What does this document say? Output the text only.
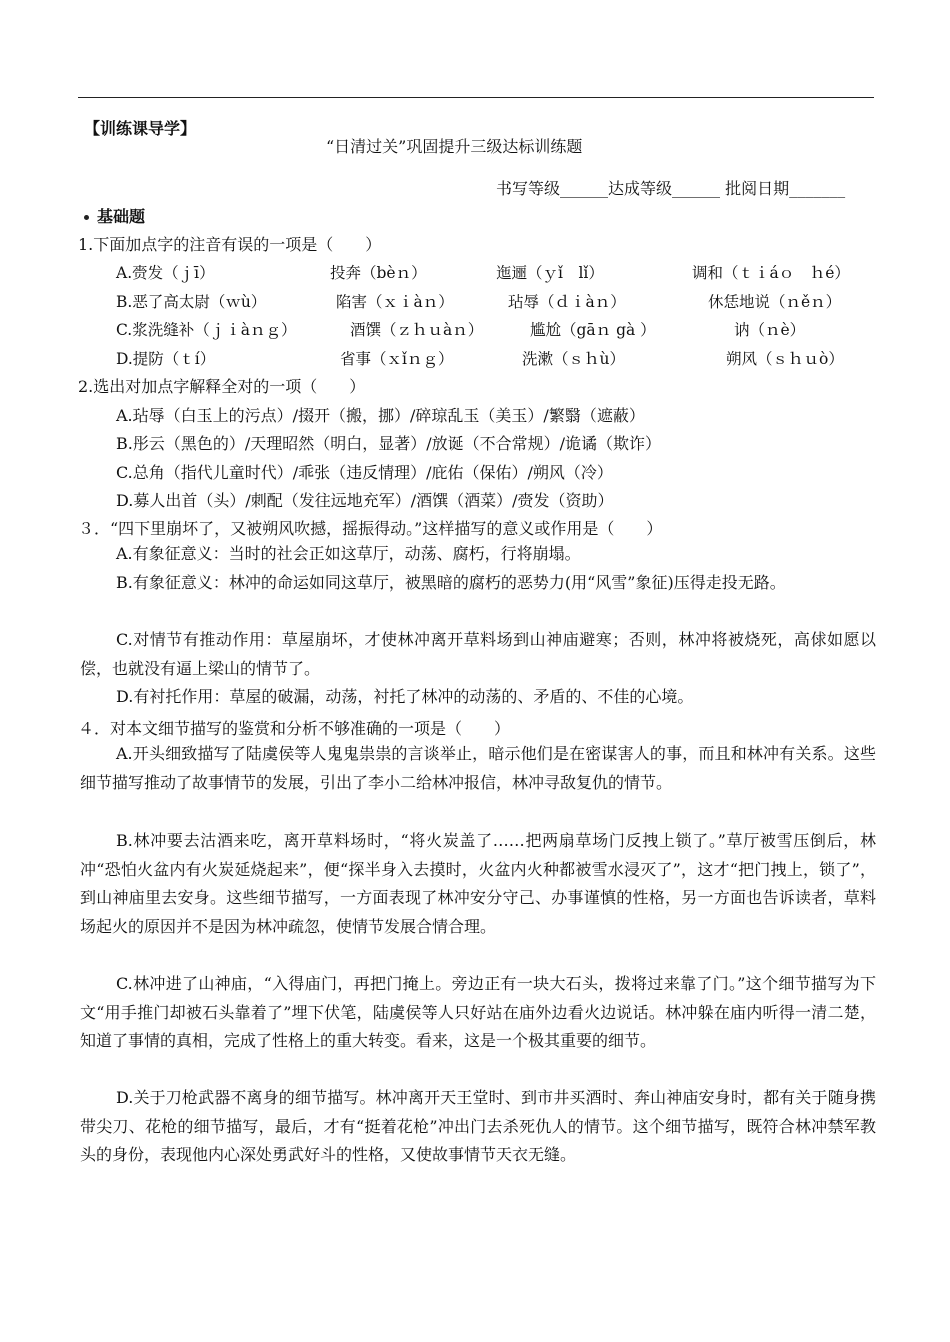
【训练课导学】
“日清过关”巩固提升三级达标训练题
书写等级______达成等级______ 批阅日期_______
基础题
1.下面加点字的注音有误的一项是（　　）
A.赍发（ｊī）	投奔（bèｎ）	迤逦（ｙǐ　lǐ）	调和（ｔｉáｏ　ｈé）
B.恶了高太尉（ｗù）	陷害（ｘｉàｎ）	玷辱（ｄｉàｎ）	休恁地说（ｎěｎ）
C.浆洗缝补（ｊｉàｎｇ）	酒馔（ｚｈｕàｎ）	尴尬（gāｎ gà ）	讷（ｎè）
D.提防（ｔí）	省事（ｘǐｎｇ）	洗漱（ｓｈù）	朔风（ｓｈｕò）
2.选出对加点字解释全对的一项（　　）
A.玷辱（白玉上的污点）/掇开（搬，挪）/碎琼乱玉（美玉）/繁翳（遮蔽）
B.彤云（黑色的）/天理昭然（明白，显著）/放诞（不合常规）/诡谲（欺诈）
C.总角（指代儿童时代）/乖张（违反情理）/庇佑（保佑）/朔风（冷）
D.募人出首（头）/刺配（发往远地充军）/酒馔（酒菜）/赍发（资助）
３．“四下里崩坏了，又被朔风吹撼，摇振得动。”这样描写的意义或作用是（　　）
A.有象征意义：当时的社会正如这草厅，动荡、腐朽，行将崩塌。
B.有象征意义：林冲的命运如同这草厅，被黑暗的腐朽的恶势力(用“风雪”象征)压得走投无路。
C.对情节有推动作用：草屋崩坏，才使林冲离开草料场到山神庙避寒；否则，林冲将被烧死，高俅如愿以偿，也就没有逼上梁山的情节了。
D.有衬托作用：草屋的破漏，动荡，衬托了林冲的动荡的、矛盾的、不佳的心境。
４．对本文细节描写的鉴赏和分析不够准确的一项是（　　）
A.开头细致描写了陆虞侯等人鬼鬼祟祟的言谈举止，暗示他们是在密谋害人的事，而且和林冲有关系。这些细节描写推动了故事情节的发展，引出了李小二给林冲报信，林冲寻敌复仇的情节。
B.林冲要去沽酒来吃，离开草料场时，“将火炭盖了……把两扇草场门反拽上锁了。”草厅被雪压倒后，林冲“恐怕火盆内有火炭延烧起来”，便“探半身入去摸时，火盆内火种都被雪水浸灭了”，这才“把门拽上，锁了”，到山神庙里去安身。这些细节描写，一方面表现了林冲安分守己、办事谨慎的性格，另一方面也告诉读者，草料场起火的原因并不是因为林冲疏忽，使情节发展合情合理。
C.林冲进了山神庙，“入得庙门，再把门掩上。旁边正有一块大石头，拨将过来靠了门。”这个细节描写为下文“用手推门却被石头靠着了”埋下伏笔，陆虞侯等人只好站在庙外边看火边说话。林冲躲在庙内听得一清二楚，知道了事情的真相，完成了性格上的重大转变。看来，这是一个极其重要的细节。
D.关于刀枪武器不离身的细节描写。林冲离开天王堂时、到市井买酒时、奔山神庙安身时，都有关于随身携带尖刀、花枪的细节描写，最后，才有“挺着花枪”冲出门去杀死仇人的情节。这个细节描写，既符合林冲禁军教头的身份，表现他内心深处勇武好斗的性格，又使故事情节天衣无缝。
